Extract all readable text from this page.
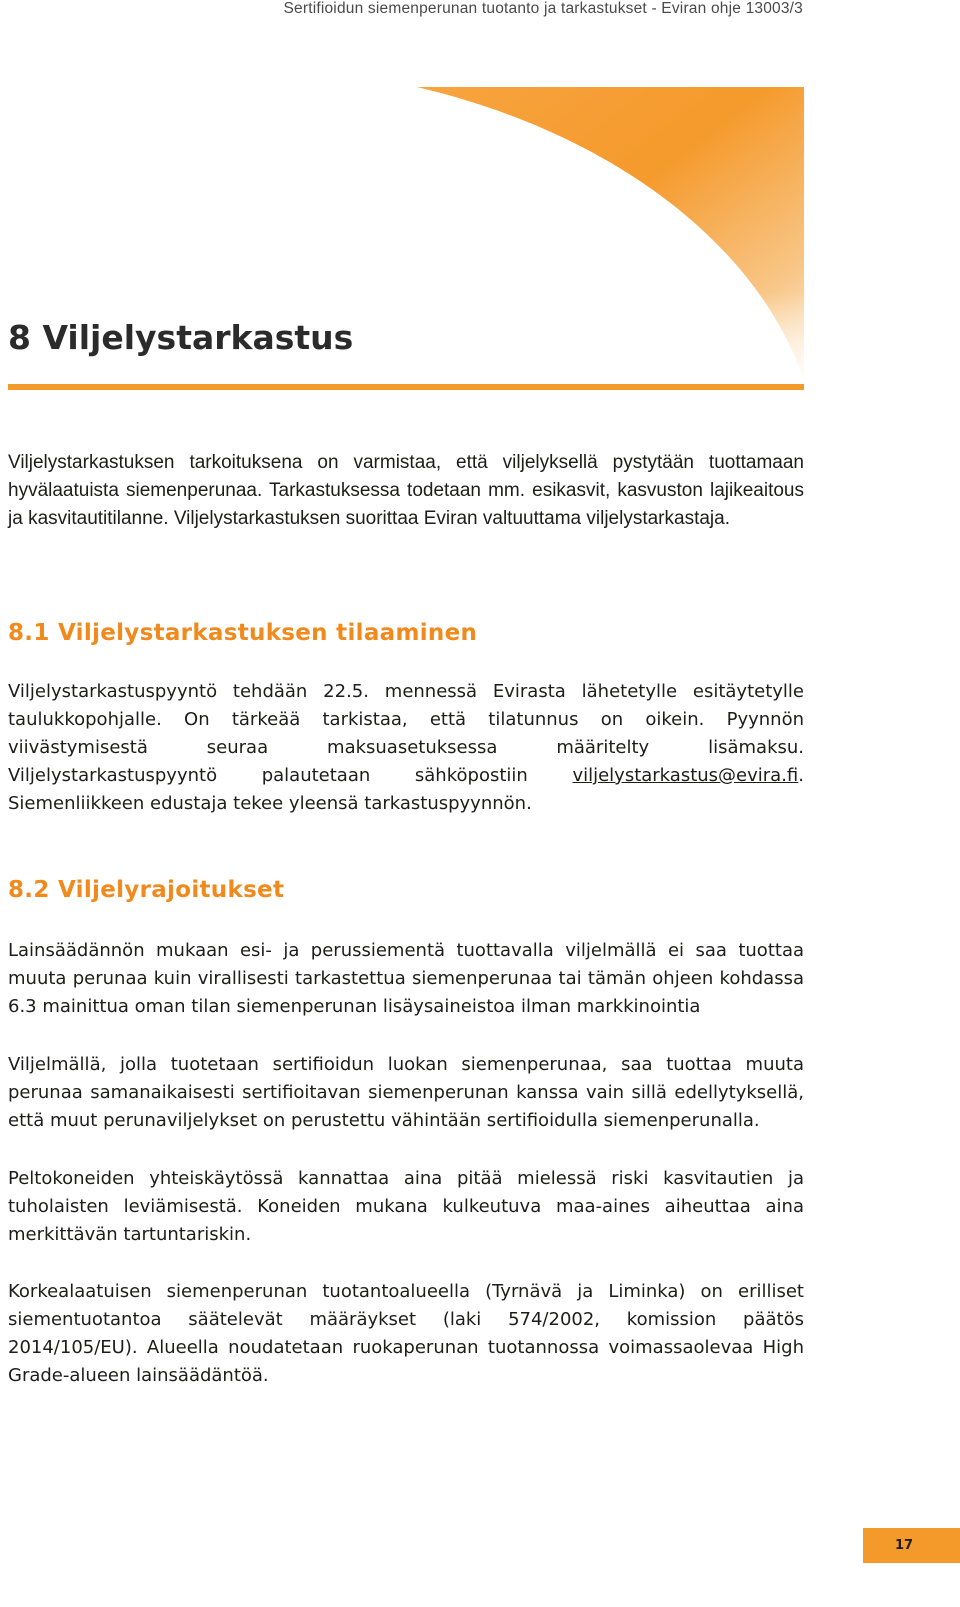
Sertifioidun siemenperunan tuotanto ja tarkastukset - Eviran ohje 13003/3
8 Viljelystarkastus

Viljelystarkastuksen tarkoituksena on varmistaa, että viljelyksellä pystytään tuottamaan hyvälaatuista siemenperunaa. Tarkastuksessa todetaan mm. esikasvit, kasvuston lajikeaitous ja kasvitautitilanne. Viljelystarkastuksen suorittaa Eviran valtuuttama viljelystarkastaja.

8.1 Viljelystarkastuksen tilaaminen

Viljelystarkastuspyyntö tehdään 22.5. mennessä Evirasta lähetetylle esitäytetylle taulukkopohjalle. On tärkeää tarkistaa, että tilatunnus on oikein. Pyynnön viivästymisestä seuraa maksuasetuksessa määritelty lisämaksu. Viljelystarkastuspyyntö palautetaan sähköpostiin viljelystarkastus@evira.fi. Siemenliikkeen edustaja tekee yleensä tarkastuspyynnön.

8.2 Viljelyrajoitukset

Lainsäädännön mukaan esi- ja perussiementä tuottavalla viljelmällä ei saa tuottaa muuta perunaa kuin virallisesti tarkastettua siemenperunaa tai tämän ohjeen kohdassa 6.3 mainittua oman tilan siemenperunan lisäysaineistoa ilman markkinointia

Viljelmällä, jolla tuotetaan sertifioidun luokan siemenperunaa, saa tuottaa muuta perunaa samanaikaisesti sertifioitavan siemenperunan kanssa vain sillä edellytyksellä, että muut perunaviljelykset on perustettu vähintään sertifioidulla siemenperunalla.

Peltokoneiden yhteiskäytössä kannattaa aina pitää mielessä riski kasvitautien ja tuholaisten leviämisestä. Koneiden mukana kulkeutuva maa-aines aiheuttaa aina merkittävän tartuntariskin.

Korkealaatuisen siemenperunan tuotantoalueella (Tyrnävä ja Liminka) on erilliset siementuotantoa säätelevät määräykset (laki 574/2002, komission päätös 2014/105/EU). Alueella noudatetaan ruokaperunan tuotannossa voimassaolevaa High Grade-alueen lainsäädäntöä.

17
